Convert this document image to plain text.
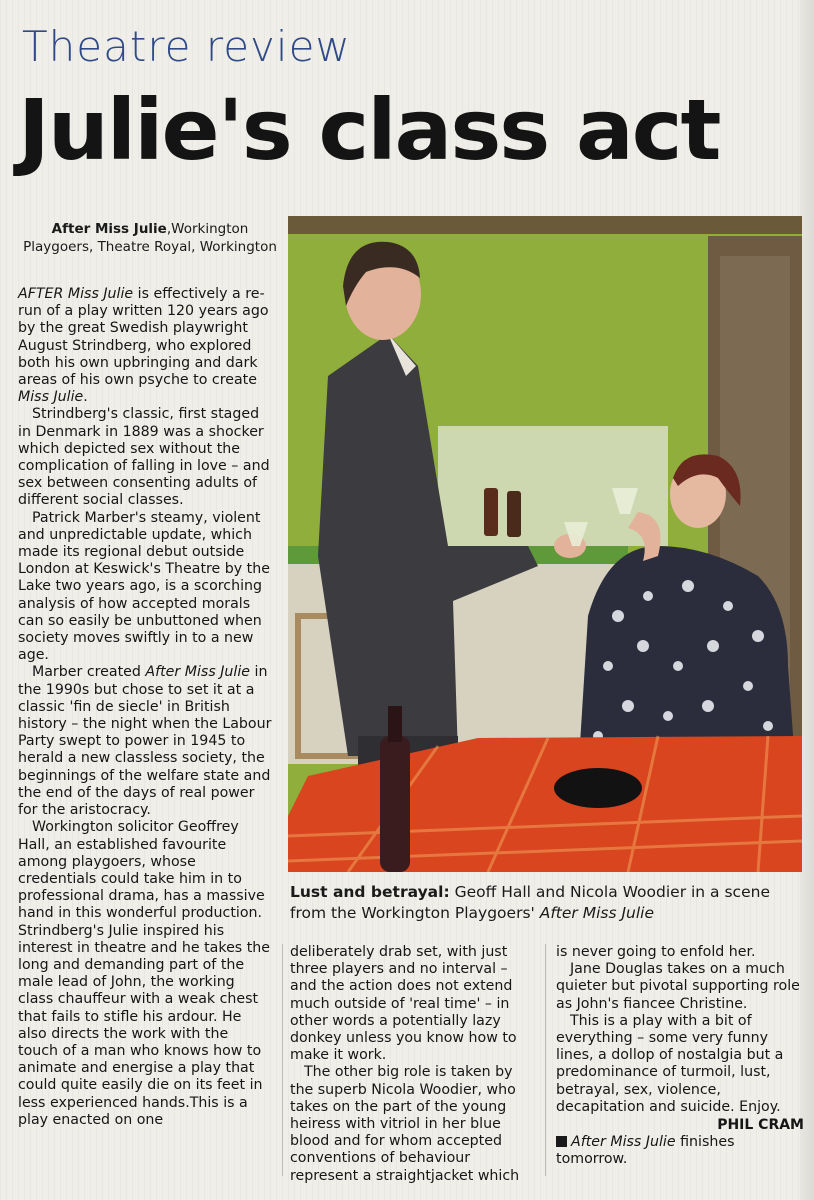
Theatre review
Julie's class act
After Miss Julie,Workington Playgoers, Theatre Royal, Workington

AFTER Miss Julie is effectively a re-run of a play written 120 years ago by the great Swedish playwright August Strindberg, who explored both his own upbringing and dark areas of his own psyche to create Miss Julie.

Strindberg's classic, first staged in Denmark in 1889 was a shocker which depicted sex without the complication of falling in love – and sex between consenting adults of different social classes.

Patrick Marber's steamy, violent and unpredictable update, which made its regional debut outside London at Keswick's Theatre by the Lake two years ago, is a scorching analysis of how accepted morals can so easily be unbuttoned when society moves swiftly in to a new age.

Marber created After Miss Julie in the 1990s but chose to set it at a classic 'fin de siecle' in British history – the night when the Labour Party swept to power in 1945 to herald a new classless society, the beginnings of the welfare state and the end of the days of real power for the aristocracy.

Workington solicitor Geoffrey Hall, an established favourite among playgoers, whose credentials could take him in to professional drama, has a massive hand in this wonderful production. Strindberg's Julie inspired his interest in theatre and he takes the long and demanding part of the male lead of John, the working class chauffeur with a weak chest that fails to stifle his ardour. He also directs the work with the touch of a man who knows how to animate and energise a play that could quite easily die on its feet in less experienced hands.This is a play enacted on one

Lust and betrayal: Geoff Hall and Nicola Woodier in a scene from the Workington Playgoers' After Miss Julie

deliberately drab set, with just three players and no interval – and the action does not extend much outside of 'real time' – in other words a potentially lazy donkey unless you know how to make it work.

The other big role is taken by the superb Nicola Woodier, who takes on the part of the young heiress with vitriol in her blue blood and for whom accepted conventions of behaviour represent a straightjacket which

is never going to enfold her.

Jane Douglas takes on a much quieter but pivotal supporting role as John's fiancee Christine.

This is a play with a bit of everything – some very funny lines, a dollop of nostalgia but a predominance of turmoil, lust, betrayal, sex, violence, decapitation and suicide. Enjoy.

PHIL CRAM

After Miss Julie finishes tomorrow.
